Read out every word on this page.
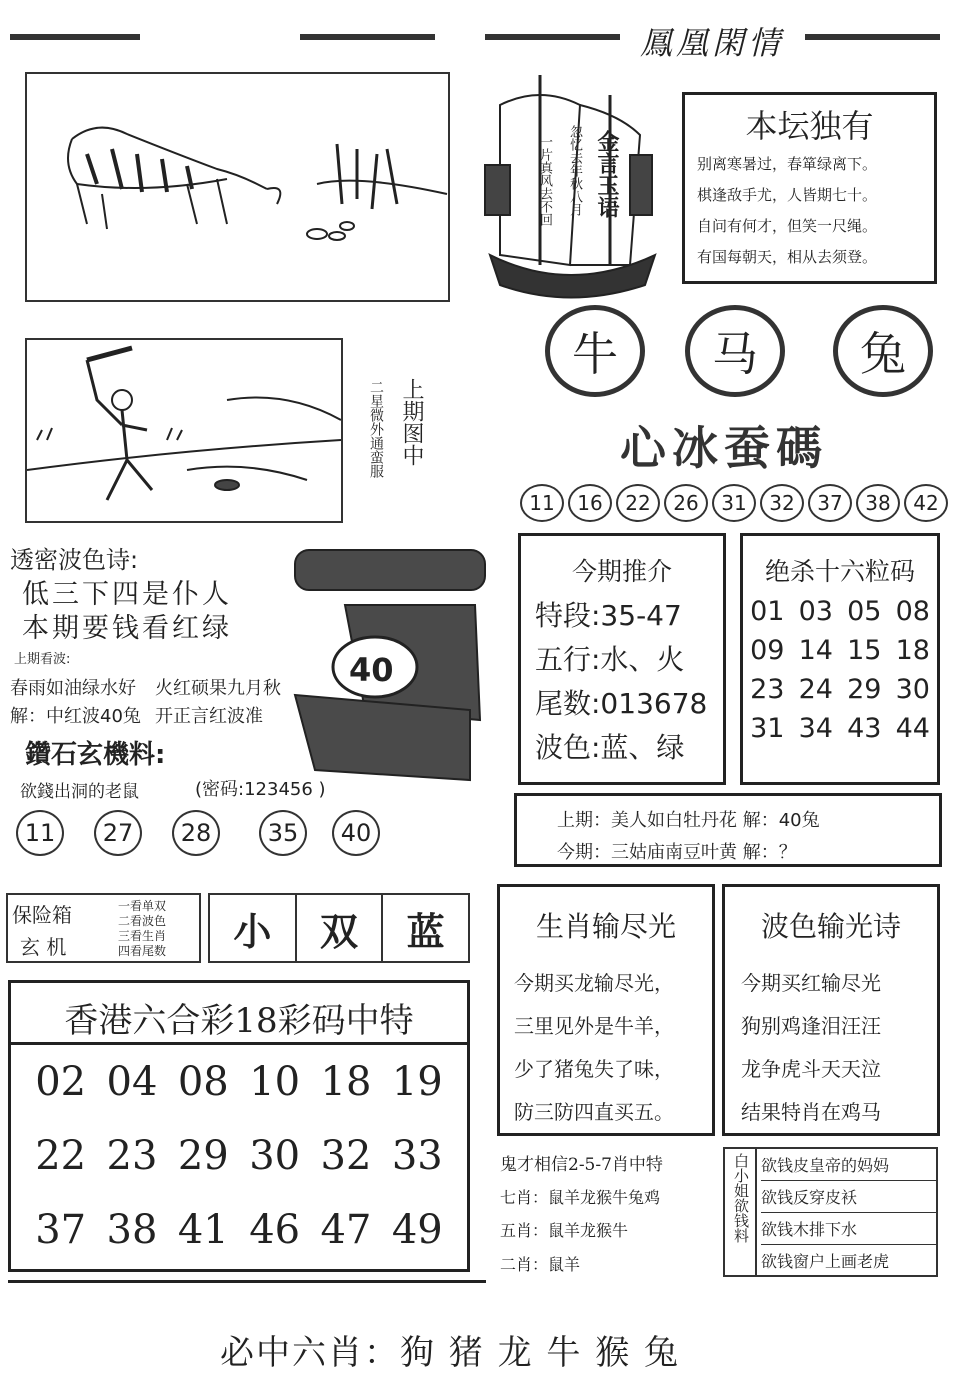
鳳凰閑情
金言玉语
忽忆去年秋八月
一片真风去不回
本坛独有
别离寒暑过，春箪绿离下。
棋逢敌手尤，人皆期七十。
自问有何才，但笑一尺绳。
有国每朝天，相从去须登。
牛 马 兔
心冰蚕碼
11	16	22	26	31	32	37	38	42
上期图中
二星微外通蛮服
透密波色诗:
低三下四是仆人
本期要钱看红绿
上期看波:
春雨如油绿水好
解：中红波40兔
火红硕果九月秋
开正言红波准
40
鑽石玄機料:
欲錢出洞的老鼠	(密码:123456 )
11	27	28	35	40
今期推介
特段:35-47
五行:水、火
尾数:013678
波色:蓝、绿
绝杀十六粒码
01 03 05 08
09 14 15 18
23 24 29 30
31 34 43 44
上期：美人如白牡丹花 解：40兔
今期：三姑庙南豆叶黄 解：？
保险箱
玄 机
一看单双
二看波色
三看生肖
四看尾数 小 双 蓝
香港六合彩18彩码中特
02 04 08 10 18 19
22 23 29 30 32 33
37 38 41 46 47 49
生肖输尽光
今期买龙输尽光，
三里见外是牛羊，
少了猪兔失了味，
防三防四直买五。
波色输光诗
今期买红输尽光
狗别鸡逢泪汪汪
龙争虎斗天天泣
结果特肖在鸡马
鬼才相信2-5-7肖中特
七肖：鼠羊龙猴牛兔鸡
五肖：鼠羊龙猴牛
二肖：鼠羊
白小姐欲钱料 欲钱皮皇帝的妈妈
欲钱反穿皮袄
欲钱木排下水
欲钱窗户上画老虎
必中六肖：狗 猪 龙 牛 猴 兔
